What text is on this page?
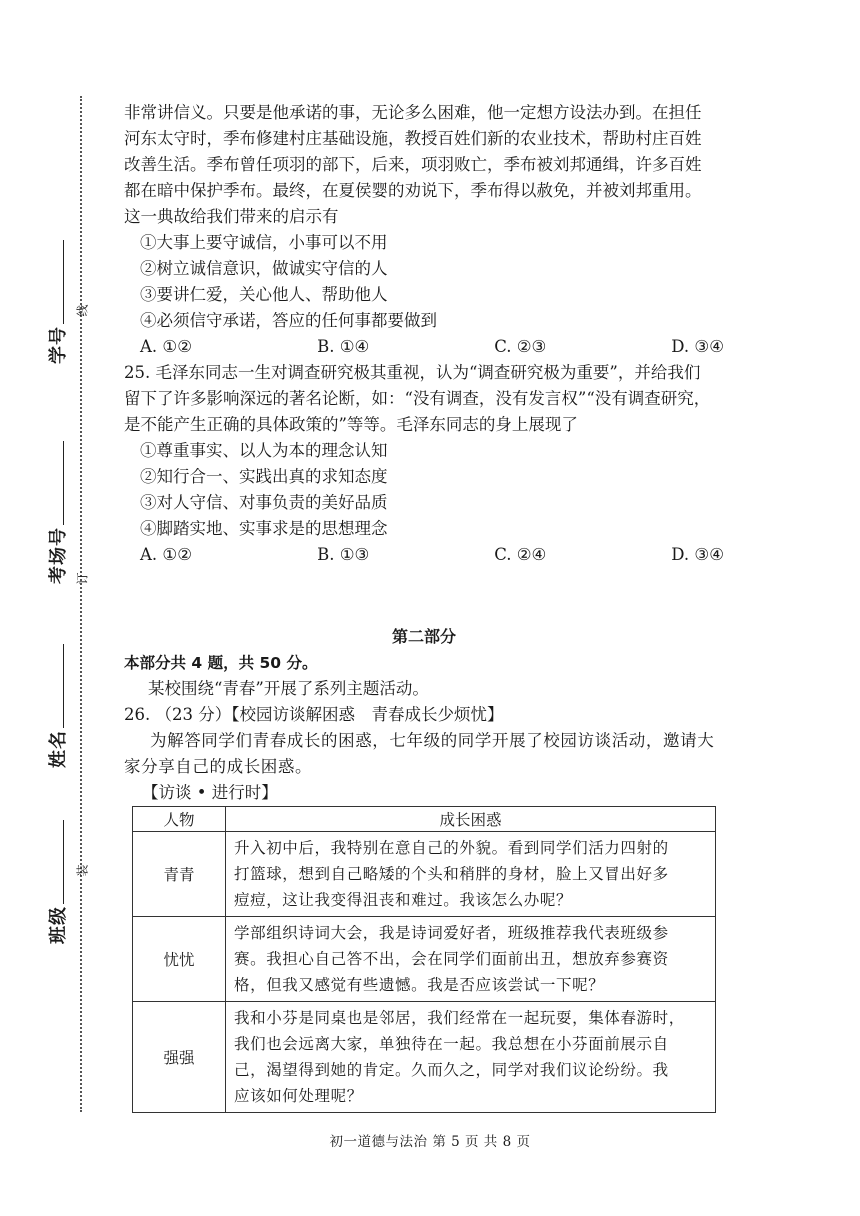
学号
考场号
姓名
班级
线
订
装
非常讲信义。只要是他承诺的事，无论多么困难，他一定想方设法办到。在担任
河东太守时，季布修建村庄基础设施，教授百姓们新的农业技术，帮助村庄百姓
改善生活。季布曾任项羽的部下，后来，项羽败亡，季布被刘邦通缉，许多百姓
都在暗中保护季布。最终，在夏侯婴的劝说下，季布得以赦免，并被刘邦重用。
这一典故给我们带来的启示有
①大事上要守诚信，小事可以不用
②树立诚信意识，做诚实守信的人
③要讲仁爱，关心他人、帮助他人
④必须信守承诺，答应的任何事都要做到
A. ①②	B. ①④	C. ②③	D. ③④
25. 毛泽东同志一生对调查研究极其重视，认为“调查研究极为重要”，并给我们
留下了许多影响深远的著名论断，如：“没有调查，没有发言权”“没有调查研究，
是不能产生正确的具体政策的”等等。毛泽东同志的身上展现了
①尊重事实、以人为本的理念认知
②知行合一、实践出真的求知态度
③对人守信、对事负责的美好品质
④脚踏实地、实事求是的思想理念
A. ①②	B. ①③	C. ②④	D. ③④
第二部分
本部分共 4 题，共 50 分。
某校围绕“青春”开展了系列主题活动。
26. （23 分）【校园访谈解困惑　青春成长少烦忧】
为解答同学们青春成长的困惑，七年级的同学开展了校园访谈活动，邀请大
家分享自己的成长困惑。
【访谈 • 进行时】
人物	成长困惑
青青	升入初中后，我特别在意自己的外貌。看到同学们活力四射的
打篮球，想到自己略矮的个头和稍胖的身材，脸上又冒出好多
痘痘，这让我变得沮丧和难过。我该怎么办呢？

忧忧	学部组织诗词大会，我是诗词爱好者，班级推荐我代表班级参
赛。我担心自己答不出，会在同学们面前出丑，想放弃参赛资
格，但我又感觉有些遗憾。我是否应该尝试一下呢？

强强	我和小芬是同桌也是邻居，我们经常在一起玩耍，集体春游时，
我们也会远离大家，单独待在一起。我总想在小芬面前展示自
己，渴望得到她的肯定。久而久之，同学对我们议论纷纷。我
应该如何处理呢？
初一道德与法治 第 5 页 共 8 页
